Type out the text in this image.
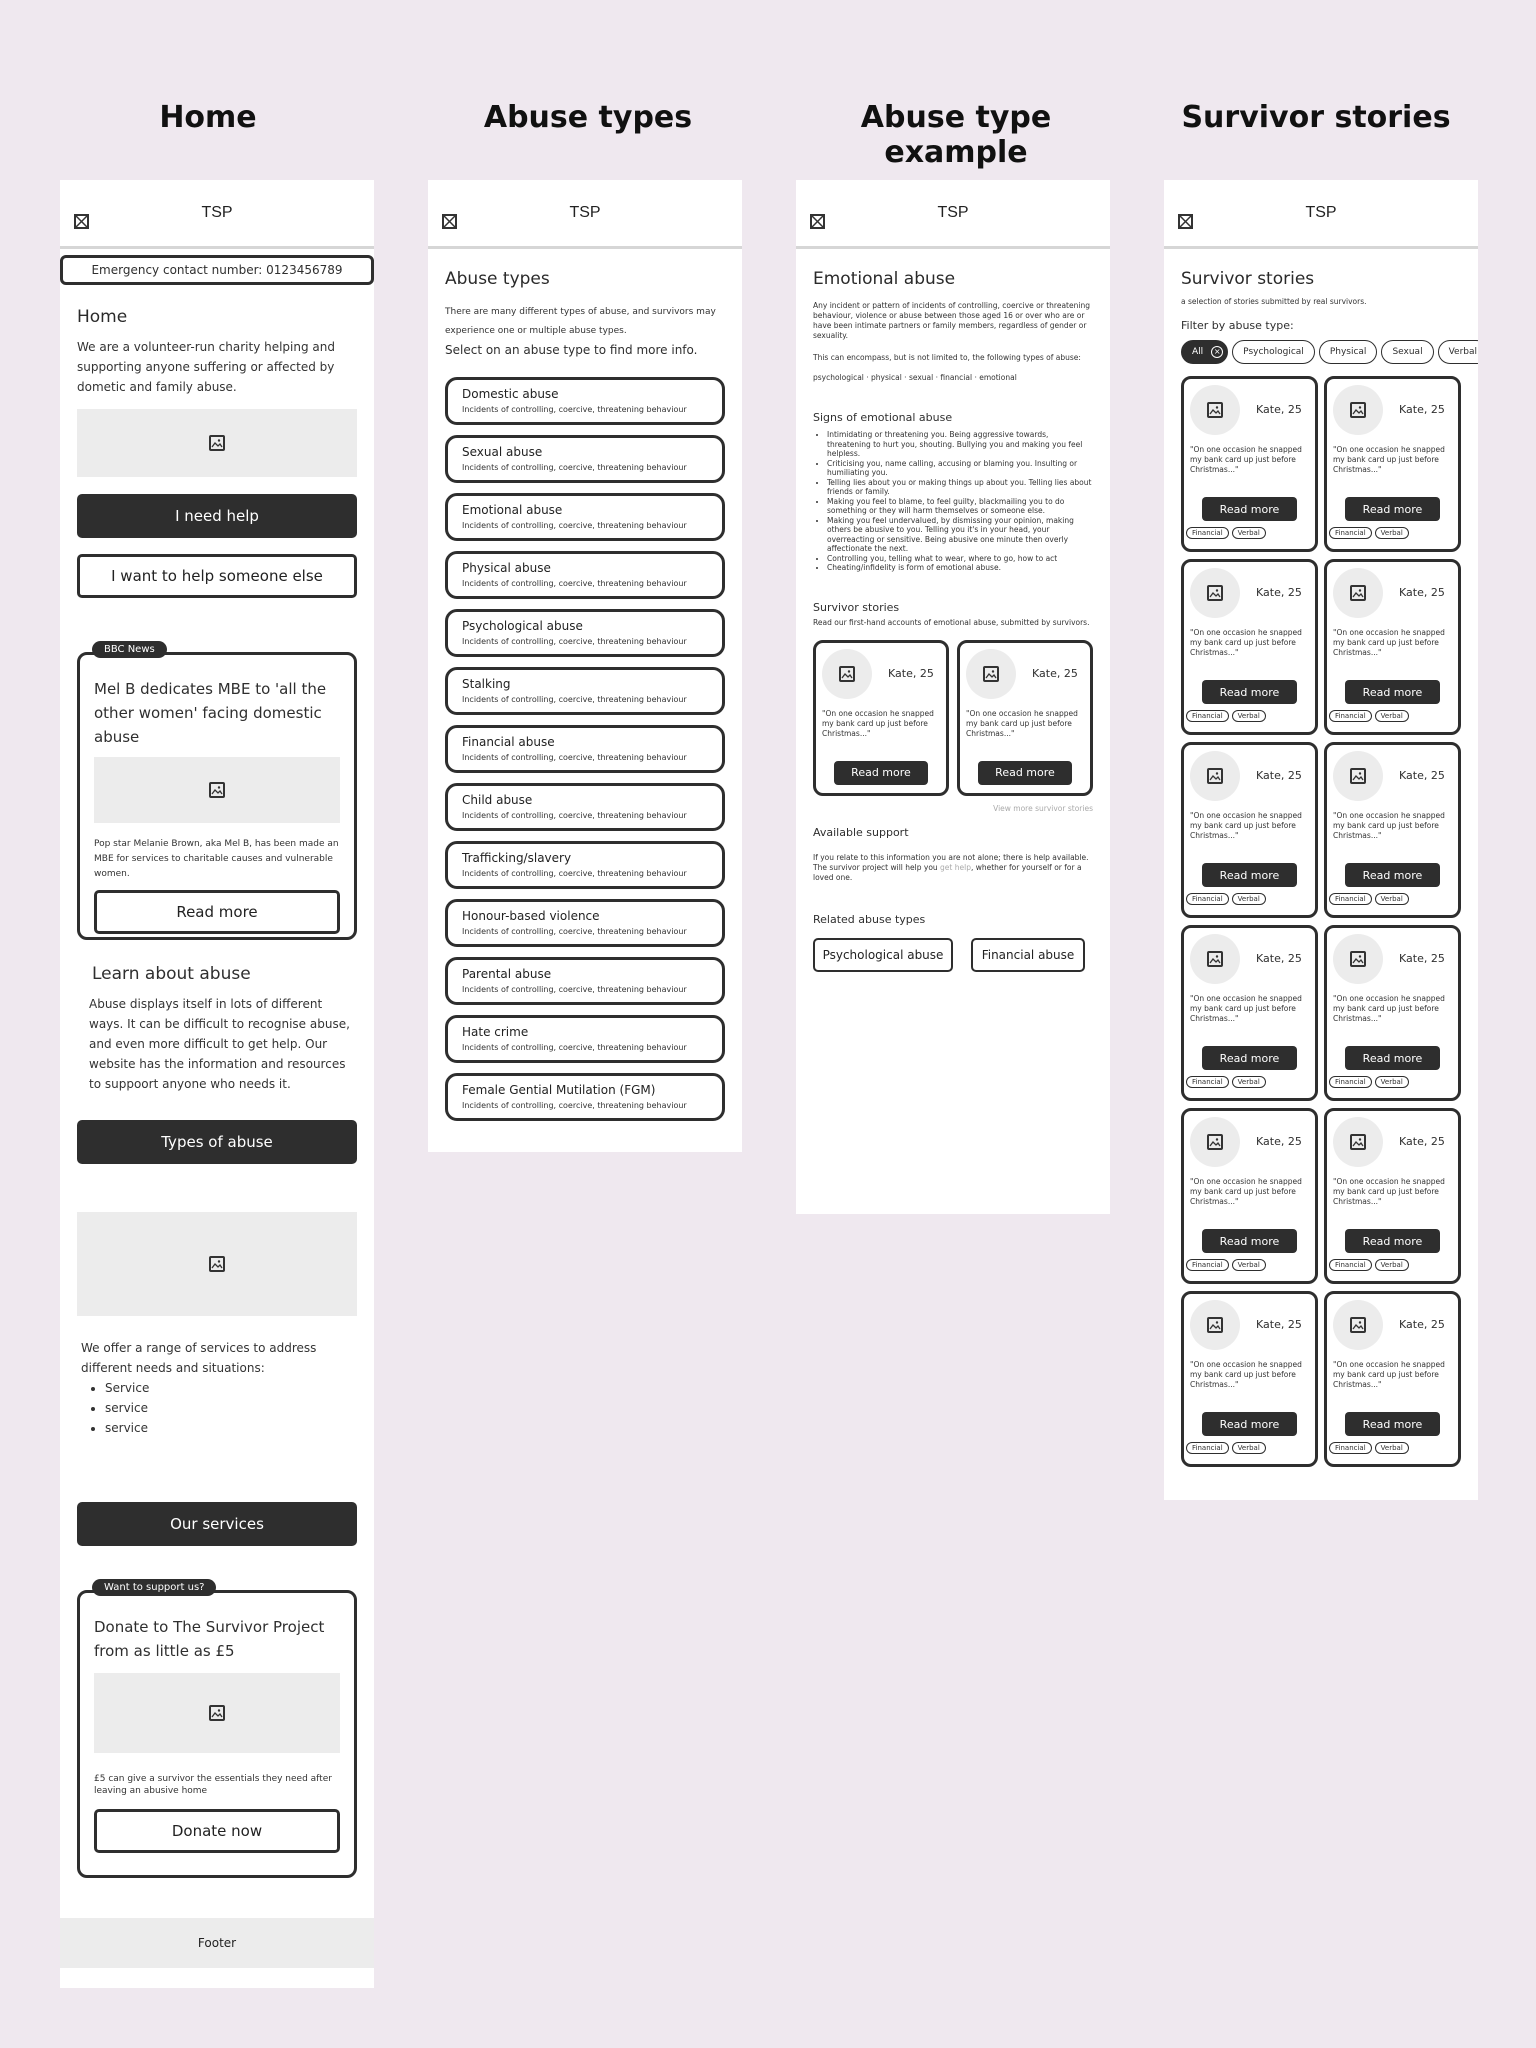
Home	Abuse types	Abuse type example
Survivor stories
TSP
Emergency contact number: 0123456789
Home
We are a volunteer-run charity helping and supporting anyone suffering or affected by dometic and family abuse.
I need help
I want to help someone else
BBC News
Mel B dedicates MBE to 'all the other women' facing domestic abuse
Pop star Melanie Brown, aka Mel B, has been made an MBE for services to charitable causes and vulnerable women.
Read more
Learn about abuse
Abuse displays itself in lots of different ways. It can be difficult to recognise abuse, and even more difficult to get help. Our website has the information and resources to suppoort anyone who needs it.
Types of abuse
We offer a range of services to address different needs and situations:
• Service
• service
• service
Our services
Want to support us?
Donate to The Survivor Project from as little as £5
£5 can give a survivor the essentials they need after leaving an abusive home
Donate now
Footer
TSP
Abuse types
There are many different types of abuse, and survivors may experience one or multiple abuse types.
Select on an abuse type to find more info.
Domestic abuse
Incidents of controlling, coercive, threatening behaviour
Sexual abuse
Incidents of controlling, coercive, threatening behaviour
Emotional abuse
Incidents of controlling, coercive, threatening behaviour
Physical abuse
Incidents of controlling, coercive, threatening behaviour
Psychological abuse
Incidents of controlling, coercive, threatening behaviour
Stalking
Incidents of controlling, coercive, threatening behaviour
Financial abuse
Incidents of controlling, coercive, threatening behaviour
Child abuse
Incidents of controlling, coercive, threatening behaviour
Trafficking/slavery
Incidents of controlling, coercive, threatening behaviour
Honour-based violence
Incidents of controlling, coercive, threatening behaviour
Parental abuse
Incidents of controlling, coercive, threatening behaviour
Hate crime
Incidents of controlling, coercive, threatening behaviour
Female Gential Mutilation (FGM)
Incidents of controlling, coercive, threatening behaviour
TSP
Emotional abuse
Any incident or pattern of incidents of controlling, coercive or threatening behaviour, violence or abuse between those aged 16 or over who are or have been intimate partners or family members, regardless of gender or sexuality.
This can encompass, but is not limited to, the following types of abuse:
psychological · physical · sexual · financial · emotional
Signs of emotional abuse
• Intimidating or threatening you. Being aggressive towards, threatening to hurt you, shouting. Bullying you and making you feel helpless.
• Criticising you, name calling, accusing or blaming you. Insulting or humiliating you.
• Telling lies about you or making things up about you. Telling lies about friends or family.
• Making you feel to blame, to feel guilty, blackmailing you to do something or they will harm themselves or someone else.
• Making you feel undervalued, by dismissing your opinion, making others be abusive to you. Telling you it's in your head, your overreacting or sensitive. Being abusive one minute then overly affectionate the next.
• Controlling you, telling what to wear, where to go, how to act
• Cheating/infidelity is form of emotional abuse.
Survivor stories
Read our first-hand accounts of emotional abuse, submitted by survivors.
Kate, 25
"On one occasion he snapped my bank card up just before Christmas..."
Read more
Kate, 25
"On one occasion he snapped my bank card up just before Christmas..."
Read more
View more survivor stories
Available support
If you relate to this information you are not alone; there is help available. The survivor project will help you get help, whether for yourself or for a loved one.
Related abuse types
Psychological abuse	Financial abuse
TSP
Survivor stories
a selection of stories submitted by real survivors.
Filter by abuse type:
All	×	Psychological	Physical	Sexual	Verbal
Kate, 25
"On one occasion he snapped my bank card up just before Christmas..."
Read more
Financial	Verbal
Kate, 25
"On one occasion he snapped my bank card up just before Christmas..."
Read more
Financial	Verbal
Kate, 25
"On one occasion he snapped my bank card up just before Christmas..."
Read more
Financial	Verbal
Kate, 25
"On one occasion he snapped my bank card up just before Christmas..."
Read more
Financial	Verbal
Kate, 25
"On one occasion he snapped my bank card up just before Christmas..."
Read more
Financial	Verbal
Kate, 25
"On one occasion he snapped my bank card up just before Christmas..."
Read more
Financial	Verbal
Kate, 25
"On one occasion he snapped my bank card up just before Christmas..."
Read more
Financial	Verbal
Kate, 25
"On one occasion he snapped my bank card up just before Christmas..."
Read more
Financial	Verbal
Kate, 25
"On one occasion he snapped my bank card up just before Christmas..."
Read more
Financial	Verbal
Kate, 25
"On one occasion he snapped my bank card up just before Christmas..."
Read more
Financial	Verbal
Kate, 25
"On one occasion he snapped my bank card up just before Christmas..."
Read more
Financial	Verbal
Kate, 25
"On one occasion he snapped my bank card up just before Christmas..."
Read more
Financial	Verbal
